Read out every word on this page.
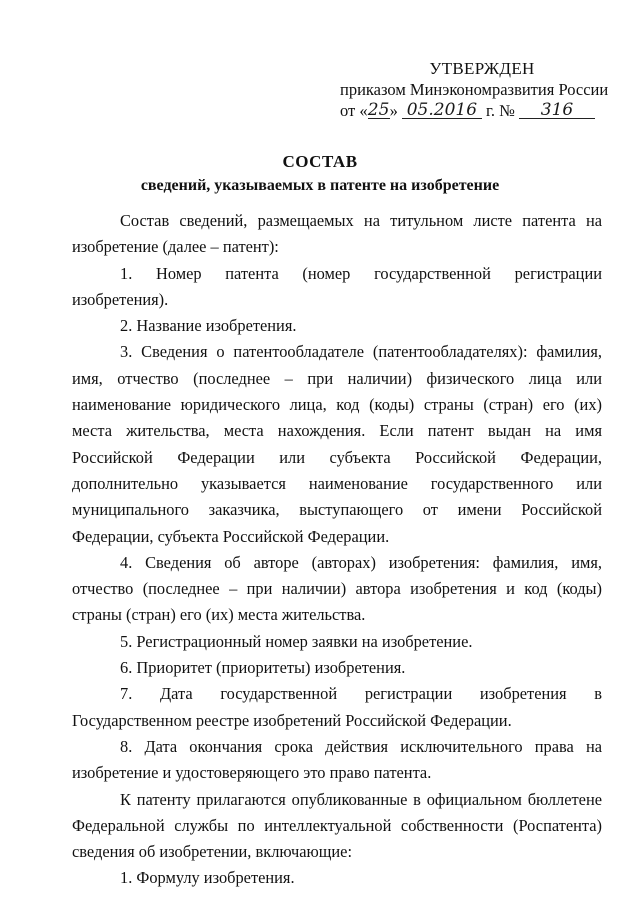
УТВЕРЖДЕН
приказом Минэкономразвития России
от «25» 05.2016 г. № 316
СОСТАВ
сведений, указываемых в патенте на изобретение

Состав сведений, размещаемых на титульном листе патента на изобретение (далее – патент):

1. Номер патента (номер государственной регистрации изобретения).

2. Название изобретения.

3. Сведения о патентообладателе (патентообладателях): фамилия, имя, отчество (последнее – при наличии) физического лица или наименование юридического лица, код (коды) страны (стран) его (их) места жительства, места нахождения. Если патент выдан на имя Российской Федерации или субъекта Российской Федерации, дополнительно указывается наименование государственного или муниципального заказчика, выступающего от имени Российской Федерации, субъекта Российской Федерации.

4. Сведения об авторе (авторах) изобретения: фамилия, имя, отчество (последнее – при наличии) автора изобретения и код (коды) страны (стран) его (их) места жительства.

5. Регистрационный номер заявки на изобретение.

6. Приоритет (приоритеты) изобретения.

7. Дата государственной регистрации изобретения в Государственном реестре изобретений Российской Федерации.

8. Дата окончания срока действия исключительного права на изобретение и удостоверяющего это право патента.

К патенту прилагаются опубликованные в официальном бюллетене Федеральной службы по интеллектуальной собственности (Роспатента) сведения об изобретении, включающие:

1. Формулу изобретения.
